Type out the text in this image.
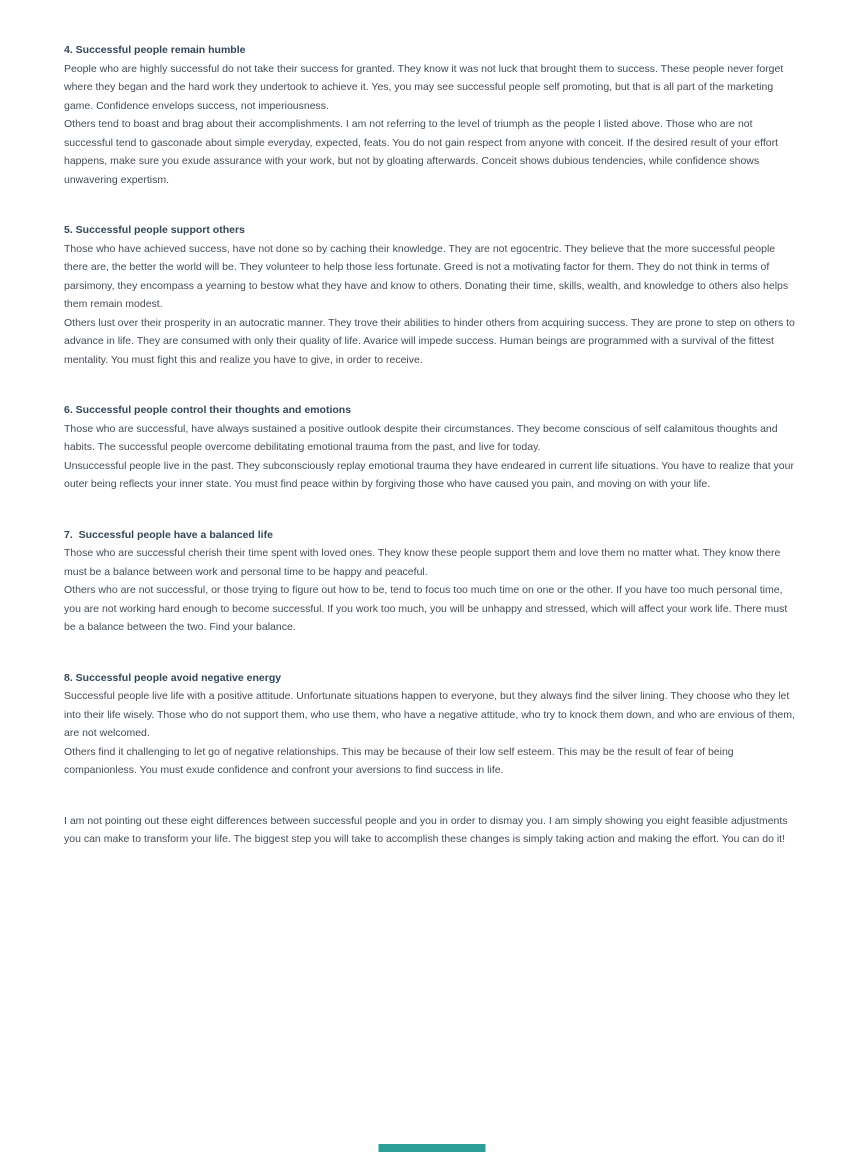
4. Successful people remain humble

People who are highly successful do not take their success for granted. They know it was not luck that brought them to success. These people never forget where they began and the hard work they undertook to achieve it. Yes, you may see successful people self promoting, but that is all part of the marketing game. Confidence envelops success, not imperiousness.

Others tend to boast and brag about their accomplishments. I am not referring to the level of triumph as the people I listed above. Those who are not successful tend to gasconade about simple everyday, expected, feats. You do not gain respect from anyone with conceit. If the desired result of your effort happens, make sure you exude assurance with your work, but not by gloating afterwards. Conceit shows dubious tendencies, while confidence shows unwavering expertism.

5. Successful people support others

Those who have achieved success, have not done so by caching their knowledge. They are not egocentric. They believe that the more successful people there are, the better the world will be. They volunteer to help those less fortunate. Greed is not a motivating factor for them. They do not think in terms of parsimony, they encompass a yearning to bestow what they have and know to others. Donating their time, skills, wealth, and knowledge to others also helps them remain modest.

Others lust over their prosperity in an autocratic manner. They trove their abilities to hinder others from acquiring success. They are prone to step on others to advance in life. They are consumed with only their quality of life. Avarice will impede success. Human beings are programmed with a survival of the fittest mentality. You must fight this and realize you have to give, in order to receive.

6. Successful people control their thoughts and emotions

Those who are successful, have always sustained a positive outlook despite their circumstances. They become conscious of self calamitous thoughts and habits. The successful people overcome debilitating emotional trauma from the past, and live for today.

Unsuccessful people live in the past. They subconsciously replay emotional trauma they have endeared in current life situations. You have to realize that your outer being reflects your inner state. You must find peace within by forgiving those who have caused you pain, and moving on with your life.

7.  Successful people have a balanced life

Those who are successful cherish their time spent with loved ones. They know these people support them and love them no matter what. They know there must be a balance between work and personal time to be happy and peaceful.

Others who are not successful, or those trying to figure out how to be, tend to focus too much time on one or the other. If you have too much personal time, you are not working hard enough to become successful. If you work too much, you will be unhappy and stressed, which will affect your work life. There must be a balance between the two. Find your balance.

8. Successful people avoid negative energy

Successful people live life with a positive attitude. Unfortunate situations happen to everyone, but they always find the silver lining. They choose who they let into their life wisely. Those who do not support them, who use them, who have a negative attitude, who try to knock them down, and who are envious of them, are not welcomed.

Others find it challenging to let go of negative relationships. This may be because of their low self esteem. This may be the result of fear of being companionless. You must exude confidence and confront your aversions to find success in life.

I am not pointing out these eight differences between successful people and you in order to dismay you. I am simply showing you eight feasible adjustments you can make to transform your life. The biggest step you will take to accomplish these changes is simply taking action and making the effort. You can do it!
